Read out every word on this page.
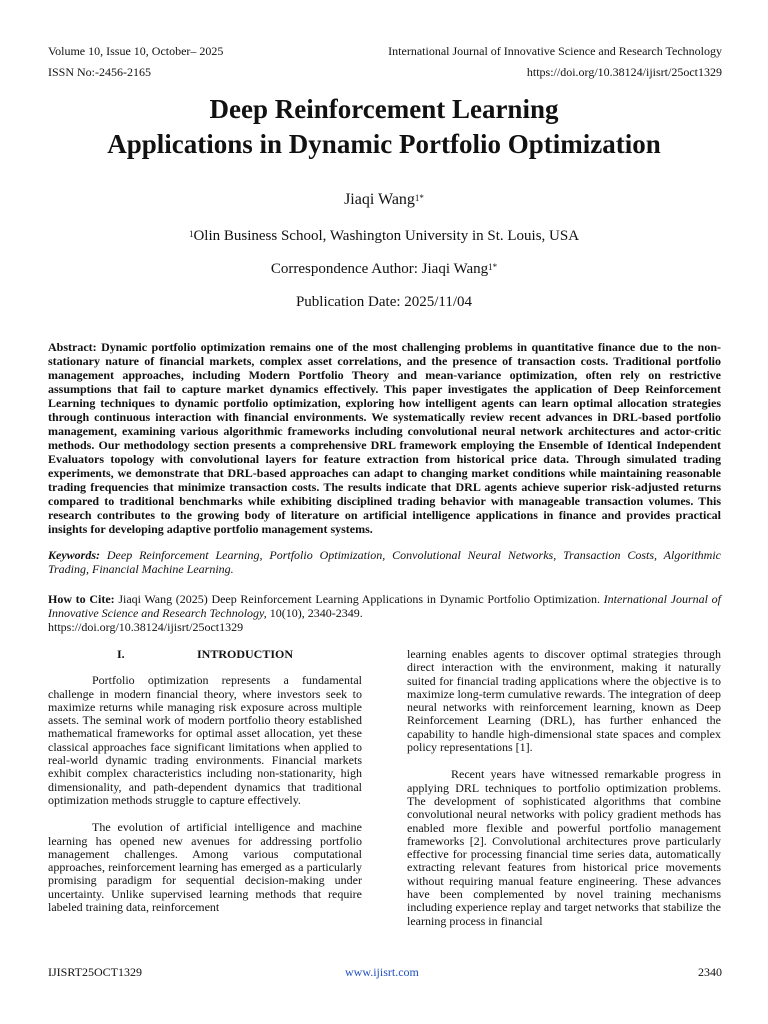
Volume 10, Issue 10, October– 2025	International Journal of Innovative Science and Research Technology
ISSN No:-2456-2165	https://doi.org/10.38124/ijisrt/25oct1329
Deep Reinforcement Learning
Applications in Dynamic Portfolio Optimization
Jiaqi Wang$^{1*}$
$^1$Olin Business School, Washington University in St. Louis, USA
Correspondence Author: Jiaqi Wang$^{1*}$
Publication Date: 2025/11/04
Abstract: Dynamic portfolio optimization remains one of the most challenging problems in quantitative finance due to the non-stationary nature of financial markets, complex asset correlations, and the presence of transaction costs. Traditional portfolio management approaches, including Modern Portfolio Theory and mean-variance optimization, often rely on restrictive assumptions that fail to capture market dynamics effectively. This paper investigates the application of Deep Reinforcement Learning techniques to dynamic portfolio optimization, exploring how intelligent agents can learn optimal allocation strategies through continuous interaction with financial environments. We systematically review recent advances in DRL-based portfolio management, examining various algorithmic frameworks including convolutional neural network architectures and actor-critic methods. Our methodology section presents a comprehensive DRL framework employing the Ensemble of Identical Independent Evaluators topology with convolutional layers for feature extraction from historical price data. Through simulated trading experiments, we demonstrate that DRL-based approaches can adapt to changing market conditions while maintaining reasonable trading frequencies that minimize transaction costs. The results indicate that DRL agents achieve superior risk-adjusted returns compared to traditional benchmarks while exhibiting disciplined trading behavior with manageable transaction volumes. This research contributes to the growing body of literature on artificial intelligence applications in finance and provides practical insights for developing adaptive portfolio management systems.
Keywords: Deep Reinforcement Learning, Portfolio Optimization, Convolutional Neural Networks, Transaction Costs, Algorithmic Trading, Financial Machine Learning.
How to Cite: Jiaqi Wang (2025) Deep Reinforcement Learning Applications in Dynamic Portfolio Optimization. International Journal of Innovative Science and Research Technology, 10(10), 2340-2349.
https://doi.org/10.38124/ijisrt/25oct1329
I.	INTRODUCTION

Portfolio optimization represents a fundamental challenge in modern financial theory, where investors seek to maximize returns while managing risk exposure across multiple assets. The seminal work of modern portfolio theory established mathematical frameworks for optimal asset allocation, yet these classical approaches face significant limitations when applied to real-world dynamic trading environments. Financial markets exhibit complex characteristics including non-stationarity, high dimensionality, and path-dependent dynamics that traditional optimization methods struggle to capture effectively.

The evolution of artificial intelligence and machine learning has opened new avenues for addressing portfolio management challenges. Among various computational approaches, reinforcement learning has emerged as a particularly promising paradigm for sequential decision-making under uncertainty. Unlike supervised learning methods that require labeled training data, reinforcement

learning enables agents to discover optimal strategies through direct interaction with the environment, making it naturally suited for financial trading applications where the objective is to maximize long-term cumulative rewards. The integration of deep neural networks with reinforcement learning, known as Deep Reinforcement Learning (DRL), has further enhanced the capability to handle high-dimensional state spaces and complex policy representations [1].

Recent years have witnessed remarkable progress in applying DRL techniques to portfolio optimization problems. The development of sophisticated algorithms that combine convolutional neural networks with policy gradient methods has enabled more flexible and powerful portfolio management frameworks [2]. Convolutional architectures prove particularly effective for processing financial time series data, automatically extracting relevant features from historical price movements without requiring manual feature engineering. These advances have been complemented by novel training mechanisms including experience replay and target networks that stabilize the learning process in financial

IJISRT25OCT1329	www.ijisrt.com	2340
